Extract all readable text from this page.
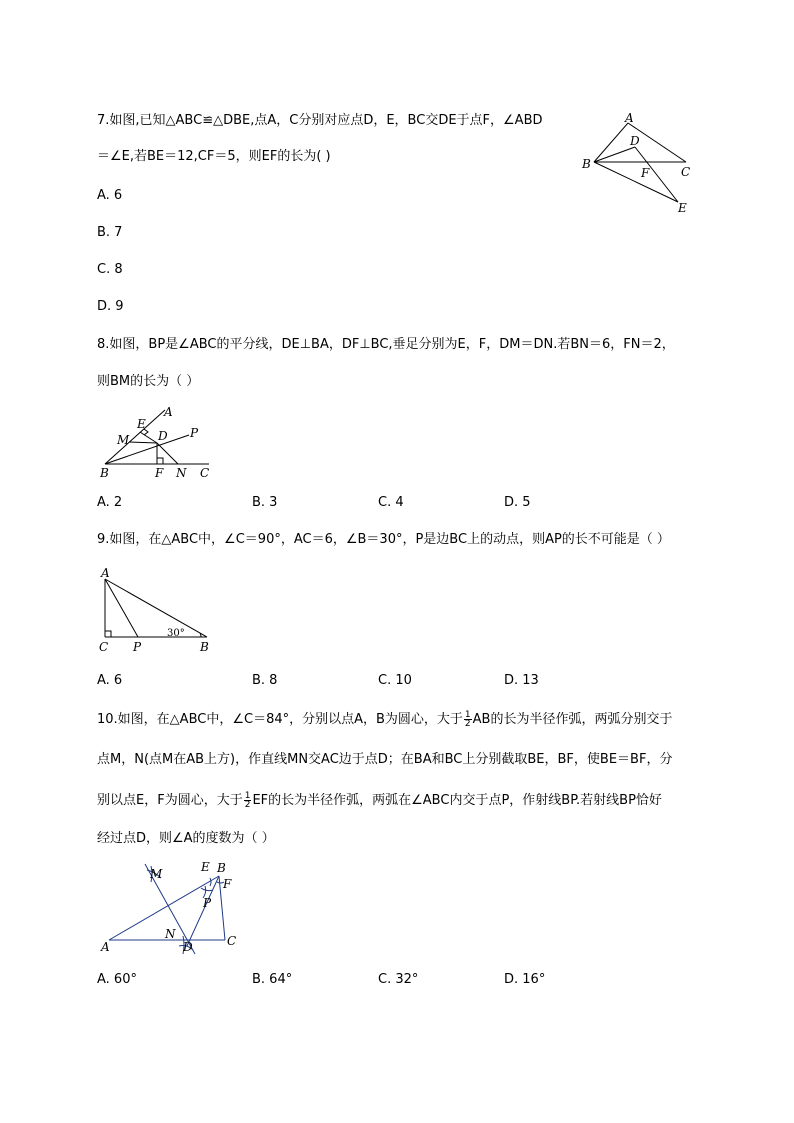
7.如图,已知△ABC≌△DBE,点A，C分别对应点D，E，BC交DE于点F，∠ABD
＝∠E,若BE＝12,CF＝5，则EF的长为( )
A
D
B
F	C
E
A. 6
B. 7
C. 8
D. 9
8.如图，BP是∠ABC的平分线，DE⊥BA，DF⊥BC,垂足分别为E，F，DM＝DN.若BN＝6，FN＝2，
则BM的长为（ ）
E
A
M D P
B	F N C
A. 2	B. 3	C. 4	D. 5
9.如图，在△ABC中，∠C＝90°，AC＝6，∠B＝30°，P是边BC上的动点，则AP的长不可能是（ ）
A
C P	B
30°
A. 6	B. 8	C. 10	D. 13
10.如图，在△ABC中，∠C＝84°，分别以点A，B为圆心，大于 $\frac{1}{2}$ AB的长为半径作弧，两弧分别交于
点M，N(点M在AB上方)，作直线MN交AC边于点D；在BA和BC上分别截取BE，BF，使BE＝BF，分
别以点E，F为圆心，大于 $\frac{1}{2}$ EF的长为半径作弧，两弧在∠ABC内交于点P，作射线BP.若射线BP恰好
经过点D，则∠A的度数为（ ）
M	E B
F
P
A
N
D	C
A. 60°	B. 64°	C. 32°	D. 16°
